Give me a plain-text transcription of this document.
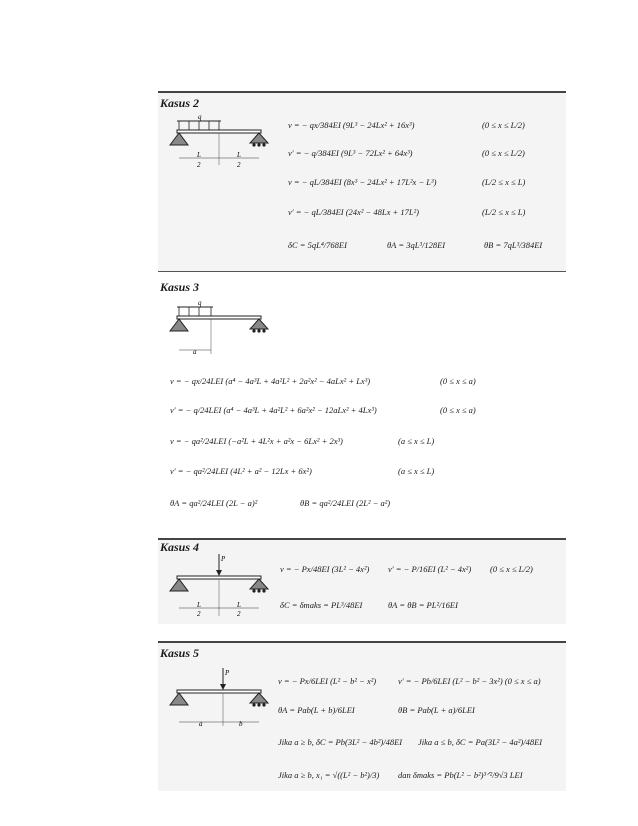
Kasus 2
q
L
2
L
2
v = − qx/384EI (9L³ − 24Lx² + 16x³)	(0 ≤ x ≤ L/2)
v′ = − q/384EI (9L³ − 72Lx² + 64x³)	(0 ≤ x ≤ L/2)
v = − qL/384EI (8x³ − 24Lx² + 17L²x − L³)	(L/2 ≤ x ≤ L)
v′ = − qL/384EI (24x² − 48Lx + 17L²)	(L/2 ≤ x ≤ L)
δC = 5qL⁴/768EI	θA = 3qL³/128EI	θB = 7qL³/384EI
Kasus 3
q
a
v = − qx/24LEI (a⁴ − 4a³L + 4a²L² + 2a²x² − 4aLx² + Lx³)	(0 ≤ x ≤ a)
v′ = − q/24LEI (a⁴ − 4a³L + 4a²L² + 6a²x² − 12aLx² + 4Lx³)	(0 ≤ x ≤ a)
v = − qa²/24LEI (−a²L + 4L²x + a²x − 6Lx² + 2x³)	(a ≤ x ≤ L)
v′ = − qa²/24LEI (4L² + a² − 12Lx + 6x²)	(a ≤ x ≤ L)
θA = qa²/24LEI (2L − a)²	θB = qa²/24LEI (2L² − a²)
Kasus 4
P
L
2
L
2
v = − Px/48EI (3L² − 4x²) v′ = − P/16EI (L² − 4x²) (0 ≤ x ≤ L/2)
δC = δmaks = PL³/48EI	θA = θB = PL²/16EI
Kasus 5
P
a	b
v = − Px/6LEI (L² − b² − x²)	v′ = − Pb/6LEI (L² − b² − 3x²) (0 ≤ x ≤ a)
θA = Pab(L + b)/6LEI	θB = Pab(L + a)/6LEI
Jika a ≥ b, δC = Pb(3L² − 4b²)/48EI Jika a ≤ b, δC = Pa(3L² − 4a²)/48EI
Jika a ≥ b, x₁ = √((L² − b²)/3) dan δmaks = Pb(L² − b²)³ᐟ²/9√3 LEI
